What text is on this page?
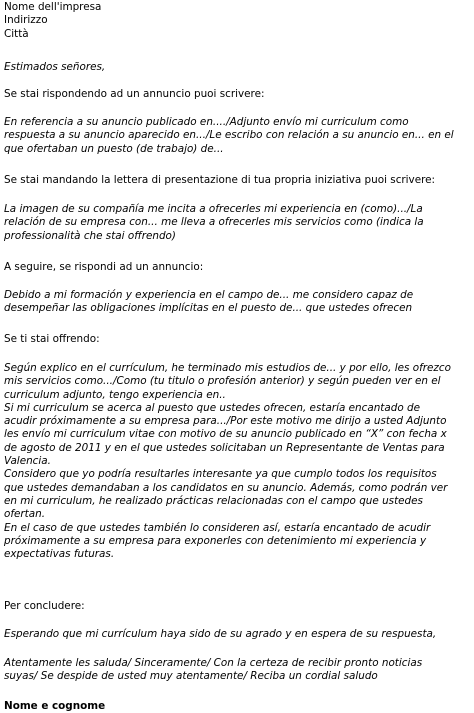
Nome dell'impresa
Indirizzo
Città
Estimados señores,
Se stai rispondendo ad un annuncio puoi scrivere:
En referencia a su anuncio publicado en..../Adjunto envío mi curriculum como
respuesta a su anuncio aparecido en.../Le escribo con relación a su anuncio en... en el
que ofertaban un puesto (de trabajo) de...
Se stai mandando la lettera di presentazione di tua propria iniziativa puoi scrivere:
La imagen de su compañía me incita a ofrecerles mi experiencia en (como).../La
relación de su empresa con... me lleva a ofrecerles mis servicios como (indica la
professionalità che stai offrendo)
A seguire, se rispondi ad un annuncio:
Debido a mi formación y experiencia en el campo de... me considero capaz de
desempeñar las obligaciones implícitas en el puesto de... que ustedes ofrecen
Se ti stai offrendo:
Según explico en el currículum, he terminado mis estudios de... y por ello, les ofrezco
mis servicios como.../Como (tu titulo o profesión anterior) y según pueden ver en el
curriculum adjunto, tengo experiencia en..
Si mi curriculum se acerca al puesto que ustedes ofrecen, estaría encantado de
acudir próximamente a su empresa para.../Por este motivo me dirijo a usted Adjunto
les envío mi curriculum vitae con motivo de su anuncio publicado en “X” con fecha x
de agosto de 2011 y en el que ustedes solicitaban un Representante de Ventas para
Valencia.
Considero que yo podría resultarles interesante ya que cumplo todos los requisitos
que ustedes demandaban a los candidatos en su anuncio. Además, como podrán ver
en mi curriculum, he realizado prácticas relacionadas con el campo que ustedes
ofertan.
En el caso de que ustedes también lo consideren así, estaría encantado de acudir
próximamente a su empresa para exponerles con detenimiento mi experiencia y
expectativas futuras.
Per concludere:
Esperando que mi currículum haya sido de su agrado y en espera de su respuesta,
Atentamente les saluda/ Sinceramente/ Con la certeza de recibir pronto noticias
suyas/ Se despide de usted muy atentamente/ Reciba un cordial saludo
Nome e cognome
